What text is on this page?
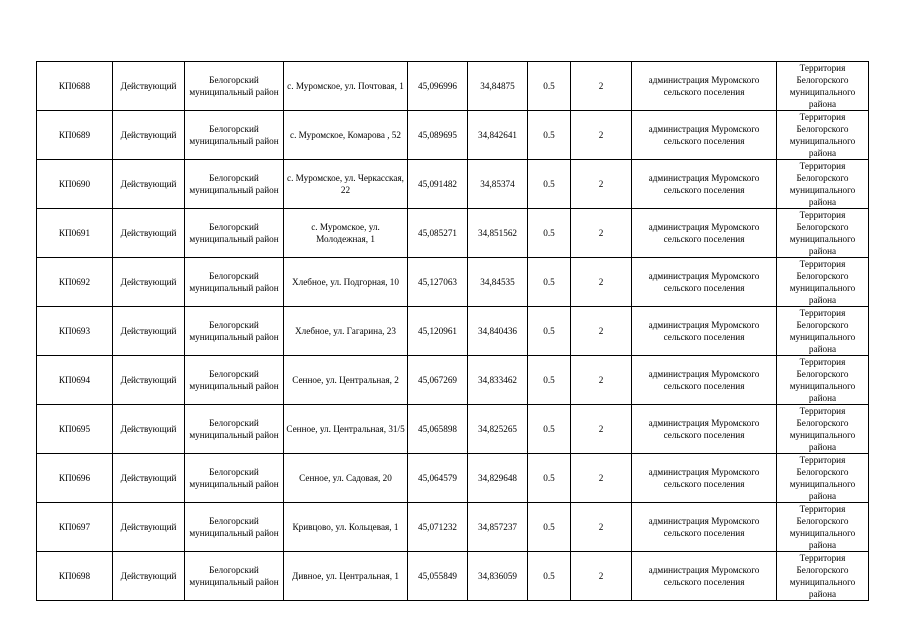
КП0688	Действующий	Белогорский муниципальный район	с. Муромское, ул. Почтовая, 1	45,096996	34,84875	0.5	2	администрация Муромского сельского поселения	Территория Белогорского муниципального района
КП0689	Действующий	Белогорский муниципальный район	с. Муромское, Комарова , 52	45,089695	34,842641	0.5	2	администрация Муромского сельского поселения	Территория Белогорского муниципального района
КП0690	Действующий	Белогорский муниципальный район	с. Муромское, ул. Черкасская, 22	45,091482	34,85374	0.5	2	администрация Муромского сельского поселения	Территория Белогорского муниципального района
КП0691	Действующий	Белогорский муниципальный район	с. Муромское, ул. Молодежная, 1	45,085271	34,851562	0.5	2	администрация Муромского сельского поселения	Территория Белогорского муниципального района
КП0692	Действующий	Белогорский муниципальный район	Хлебное, ул. Подгорная, 10	45,127063	34,84535	0.5	2	администрация Муромского сельского поселения	Территория Белогорского муниципального района
КП0693	Действующий	Белогорский муниципальный район	Хлебное, ул. Гагарина, 23	45,120961	34,840436	0.5	2	администрация Муромского сельского поселения	Территория Белогорского муниципального района
КП0694	Действующий	Белогорский муниципальный район	Сенное, ул. Центральная, 2	45,067269	34,833462	0.5	2	администрация Муромского сельского поселения	Территория Белогорского муниципального района
КП0695	Действующий	Белогорский муниципальный район	Сенное, ул. Центральная, 31/5	45,065898	34,825265	0.5	2	администрация Муромского сельского поселения	Территория Белогорского муниципального района
КП0696	Действующий	Белогорский муниципальный район	Сенное, ул. Садовая, 20	45,064579	34,829648	0.5	2	администрация Муромского сельского поселения	Территория Белогорского муниципального района
КП0697	Действующий	Белогорский муниципальный район	Кривцово, ул. Кольцевая, 1	45,071232	34,857237	0.5	2	администрация Муромского сельского поселения	Территория Белогорского муниципального района
КП0698	Действующий	Белогорский муниципальный район	Дивное, ул. Центральная, 1	45,055849	34,836059	0.5	2	администрация Муромского сельского поселения	Территория Белогорского муниципального района
